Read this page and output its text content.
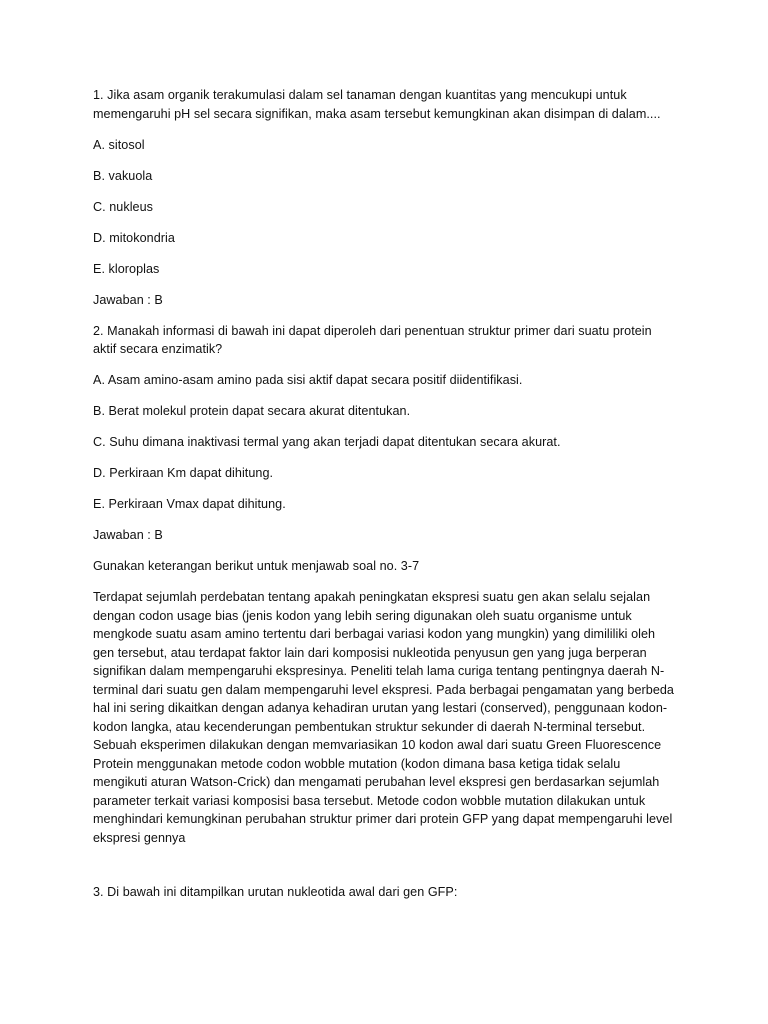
1. Jika asam organik terakumulasi dalam sel tanaman dengan kuantitas yang mencukupi untuk memengaruhi pH sel secara signifikan, maka asam tersebut kemungkinan akan disimpan di dalam....

A. sitosol

B. vakuola

C. nukleus

D. mitokondria

E. kloroplas

Jawaban : B

2. Manakah informasi di bawah ini dapat diperoleh dari penentuan struktur primer dari suatu protein aktif secara enzimatik?

A. Asam amino-asam amino pada sisi aktif dapat secara positif diidentifikasi.

B. Berat molekul protein dapat secara akurat ditentukan.

C. Suhu dimana inaktivasi termal yang akan terjadi dapat ditentukan secara akurat.

D. Perkiraan Km dapat dihitung.

E. Perkiraan Vmax dapat dihitung.

Jawaban : B

Gunakan keterangan berikut untuk menjawab soal no. 3-7

Terdapat sejumlah perdebatan tentang apakah peningkatan ekspresi suatu gen akan selalu sejalan dengan codon usage bias (jenis kodon yang lebih sering digunakan oleh suatu organisme untuk mengkode suatu asam amino tertentu dari berbagai variasi kodon yang mungkin) yang dimililiki oleh gen tersebut, atau terdapat faktor lain dari komposisi nukleotida penyusun gen yang juga berperan signifikan dalam mempengaruhi ekspresinya. Peneliti telah lama curiga tentang pentingnya daerah N-terminal dari suatu gen dalam mempengaruhi level ekspresi. Pada berbagai pengamatan yang berbeda hal ini sering dikaitkan dengan adanya kehadiran urutan yang lestari (conserved), penggunaan kodon- kodon langka, atau kecenderungan pembentukan struktur sekunder di daerah N-terminal tersebut. Sebuah eksperimen dilakukan dengan memvariasikan 10 kodon awal dari suatu Green Fluorescence Protein menggunakan metode codon wobble mutation (kodon dimana basa ketiga tidak selalu mengikuti aturan Watson-Crick) dan mengamati perubahan level ekspresi gen berdasarkan sejumlah parameter terkait variasi komposisi basa tersebut. Metode codon wobble mutation dilakukan untuk menghindari kemungkinan perubahan struktur primer dari protein GFP yang dapat mempengaruhi level ekspresi gennya

3. Di bawah ini ditampilkan urutan nukleotida awal dari gen GFP:
